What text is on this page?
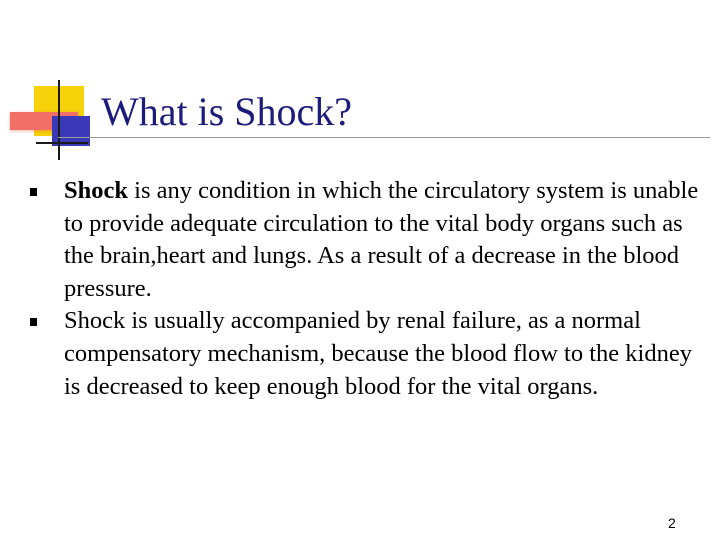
What is Shock?
Shock is any condition in which the circulatory system is unable to provide adequate circulation to the vital body organs such as the brain,heart and lungs. As a result of a decrease in the blood pressure.
Shock is usually accompanied by renal failure, as a normal compensatory mechanism, because the blood flow to the kidney is decreased to keep enough blood for the vital organs.
2
